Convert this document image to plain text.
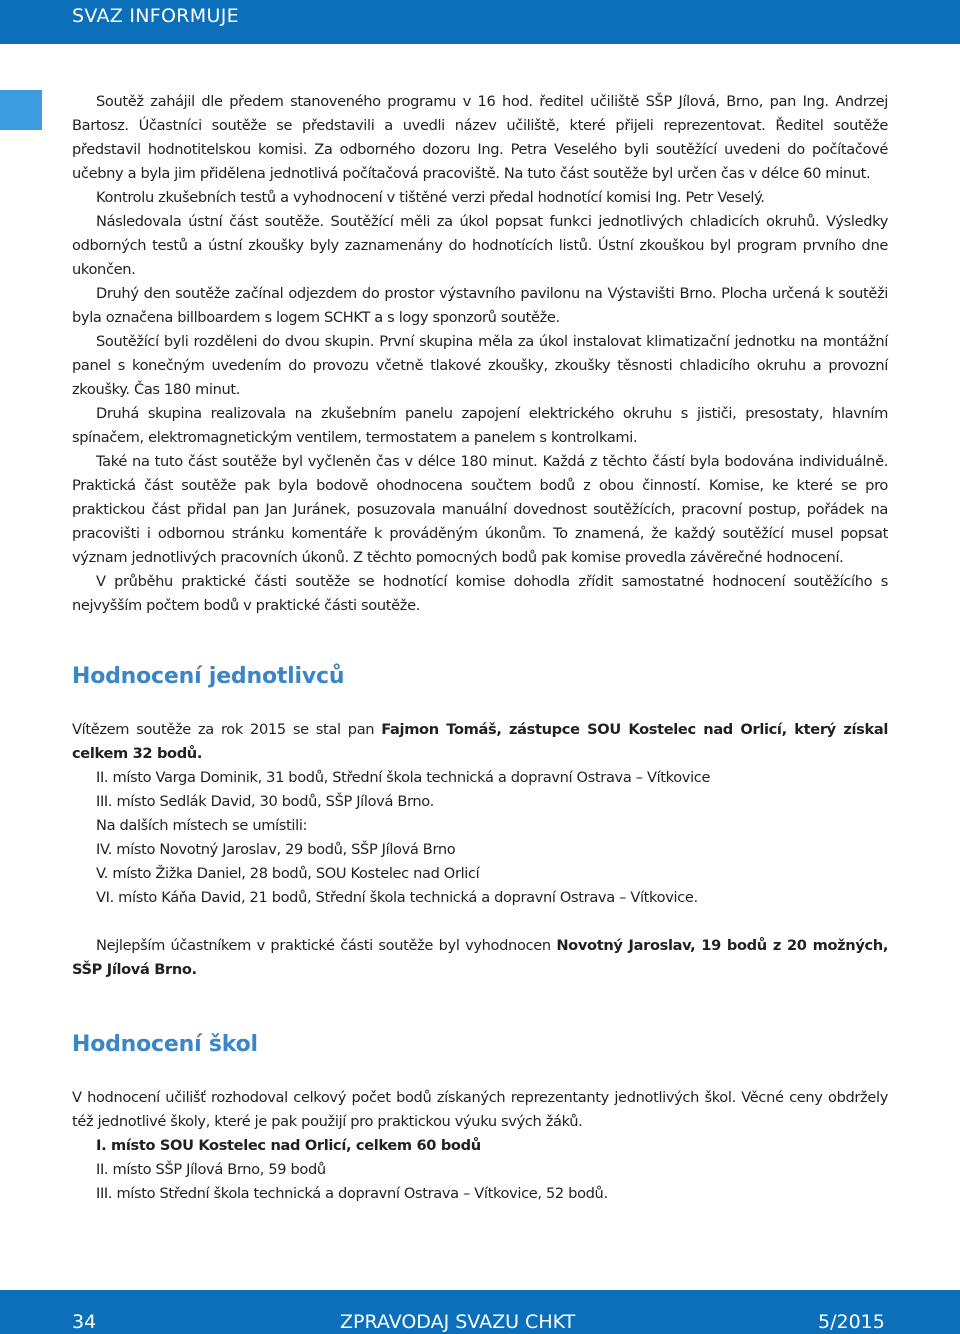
SVAZ INFORMUJE

Soutěž zahájil dle předem stanoveného programu v 16 hod. ředitel učiliště SŠP Jílová, Brno, pan Ing. Andrzej Bartosz. Účastníci soutěže se představili a uvedli název učiliště, které přijeli reprezentovat. Ředitel soutěže představil hodnotitelskou komisi. Za odborného dozoru Ing. Petra Veselého byli soutěžící uvedeni do počítačové učebny a byla jim přidělena jednotlivá počítačová pracoviště. Na tuto část soutěže byl určen čas v délce 60 minut.

Kontrolu zkušebních testů a vyhodnocení v tištěné verzi předal hodnotící komisi Ing. Petr Veselý.

Následovala ústní část soutěže. Soutěžící měli za úkol popsat funkci jednotlivých chladicích okruhů. Výsledky odborných testů a ústní zkoušky byly zaznamenány do hodnotících listů. Ústní zkouškou byl program prvního dne ukončen.

Druhý den soutěže začínal odjezdem do prostor výstavního pavilonu na Výstavišti Brno. Plocha určená k soutěži byla označena billboardem s logem SCHKT a s logy sponzorů soutěže.

Soutěžící byli rozděleni do dvou skupin. První skupina měla za úkol instalovat klimatizační jednotku na montážní panel s konečným uvedením do provozu včetně tlakové zkoušky, zkoušky těsnosti chladicího okruhu a provozní zkoušky. Čas 180 minut.

Druhá skupina realizovala na zkušebním panelu zapojení elektrického okruhu s jističi, presostaty, hlavním spínačem, elektromagnetickým ventilem, termostatem a panelem s kontrolkami.

Také na tuto část soutěže byl vyčleněn čas v délce 180 minut. Každá z těchto částí byla bodována individuálně. Praktická část soutěže pak byla bodově ohodnocena součtem bodů z obou činností. Komise, ke které se pro praktickou část přidal pan Jan Juránek, posuzovala manuální dovednost soutěžících, pracovní postup, pořádek na pracovišti i odbornou stránku komentáře k prováděným úkonům. To znamená, že každý soutěžící musel popsat význam jednotlivých pracovních úkonů. Z těchto pomocných bodů pak komise provedla závěrečné hodnocení.

V průběhu praktické části soutěže se hodnotící komise dohodla zřídit samostatné hodnocení soutěžícího s nejvyšším počtem bodů v praktické části soutěže.

Hodnocení jednotlivců

Vítězem soutěže za rok 2015 se stal pan Fajmon Tomáš, zástupce SOU Kostelec nad Orlicí, který získal celkem 32 bodů.

II. místo Varga Dominik, 31 bodů, Střední škola technická a dopravní Ostrava – Vítkovice
III. místo Sedlák David, 30 bodů, SŠP Jílová Brno.
Na dalších místech se umístili:
IV. místo Novotný Jaroslav, 29 bodů, SŠP Jílová Brno
V. místo Žižka Daniel, 28 bodů, SOU Kostelec nad Orlicí
VI. místo Káňa David, 21 bodů, Střední škola technická a dopravní Ostrava – Vítkovice.

Nejlepším účastníkem v praktické části soutěže byl vyhodnocen Novotný Jaroslav, 19 bodů z 20 možných, SŠP Jílová Brno.

Hodnocení škol

V hodnocení učilišť rozhodoval celkový počet bodů získaných reprezentanty jednotlivých škol. Věcné ceny obdržely též jednotlivé školy, které je pak použijí pro praktickou výuku svých žáků.

I. místo SOU Kostelec nad Orlicí, celkem 60 bodů
II. místo SŠP Jílová Brno, 59 bodů
III. místo Střední škola technická a dopravní Ostrava – Vítkovice, 52 bodů.
34	ZPRAVODAJ SVAZU CHKT	5/2015
